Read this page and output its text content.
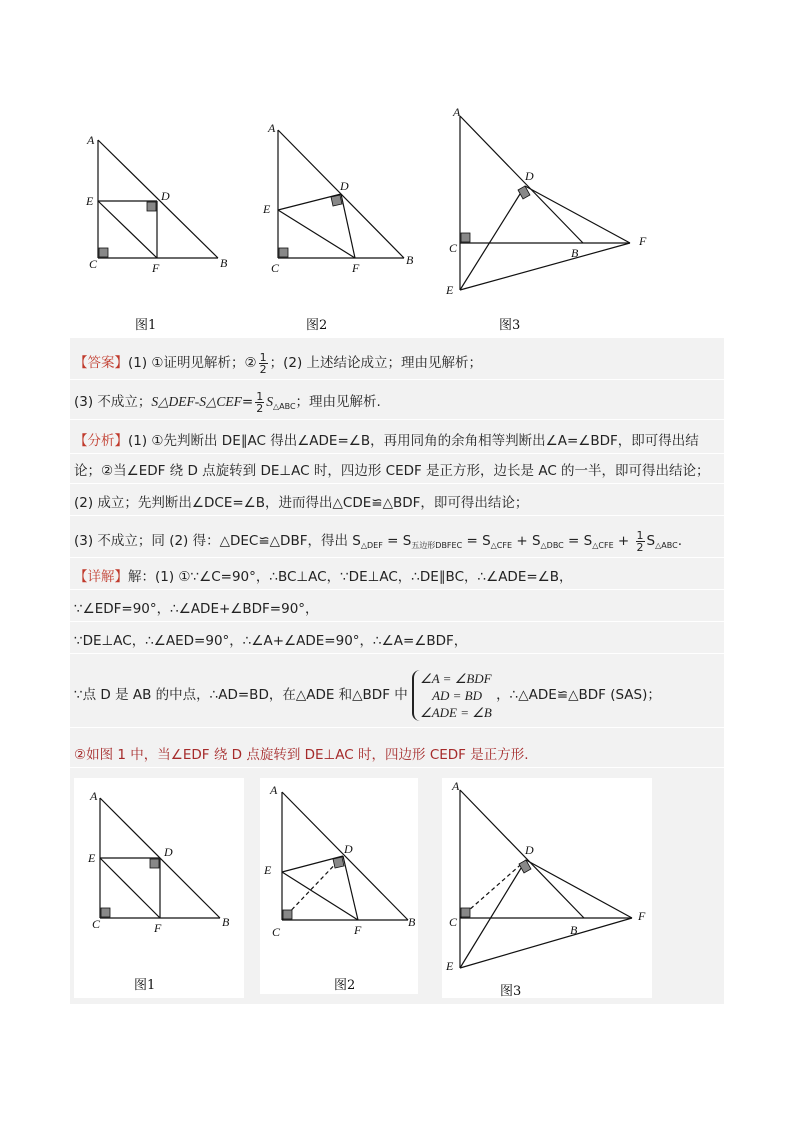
A
E	D
C	F	B
图1
A
E
D
C	F
B
图2
A
D
C	B
F
E
图3
【答案】(1) ①证明见解析；② $\frac{1}{2}$ ；(2) 上述结论成立；理由见解析；
(3) 不成立；S△DEF-S△CEF= $\frac{1}{2} S_{\triangle ABC}$；理由见解析.
【分析】(1) ①先判断出 DE∥AC 得出∠ADE=∠B，再用同角的余角相等判断出∠A=∠BDF，即可得出结
论；②当∠EDF 绕 D 点旋转到 DE⊥AC 时，四边形 CEDF 是正方形，边长是 AC 的一半，即可得出结论；
(2) 成立；先判断出∠DCE=∠B，进而得出△CDE≌△BDF，即可得出结论；
(3) 不成立；同 (2) 得：△DEC≌△DBF，得出 $S_{\triangle DEF} = S_{五边形DBFEC} = S_{\triangle CFE} + S_{\triangle DBC} = S_{\triangle CFE} + \frac{1}{2} S_{\triangle ABC}$.
【详解】解：(1) ①∵∠C=90°，∴BC⊥AC，∵DE⊥AC，∴DE∥BC，∴∠ADE=∠B，
∵∠EDF=90°，∴∠ADE+∠BDF=90°，
∵DE⊥AC，∴∠AED=90°，∴∠A+∠ADE=90°，∴∠A=∠BDF，
∵点 D 是 AB 的中点，∴AD=BD，在△ADE 和△BDF 中
∠A = ∠BDF
AD = BD
∠ADE = ∠B
，∴△ADE≌△BDF (SAS)；
②如图 1 中，当∠EDF 绕 D 点旋转到 DE⊥AC 时，四边形 CEDF 是正方形.
A
E	D
C	F	B
图1
A
E
D
C	F
B
图2
A
D
C
B
F
E
图3
